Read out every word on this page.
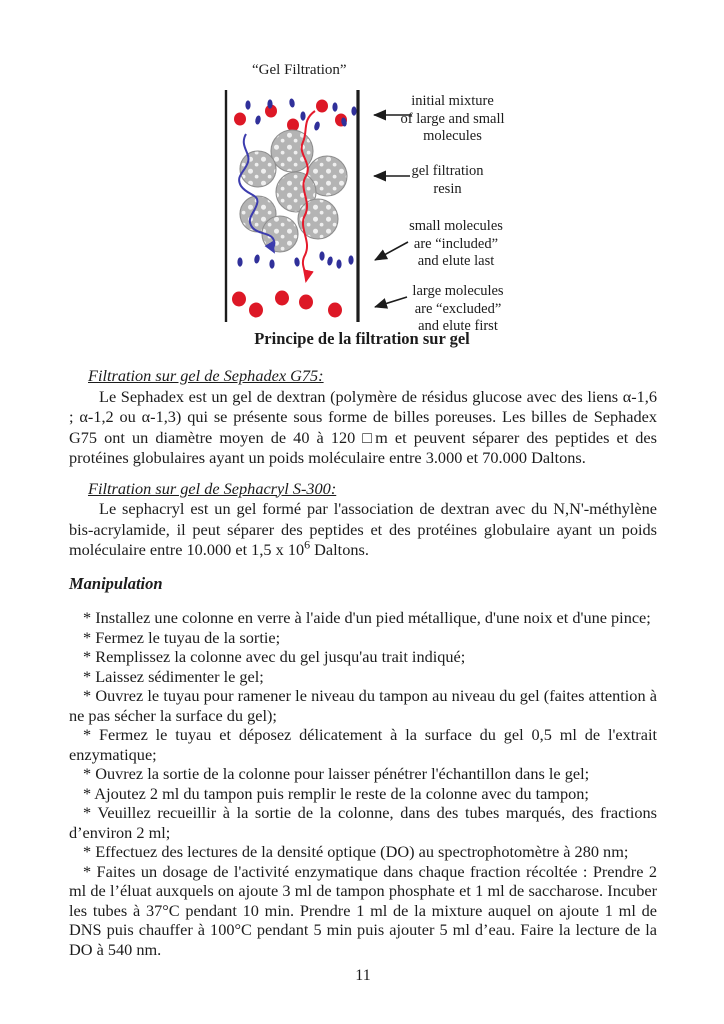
“Gel Filtration”
initial mixture
of large and small
molecules
gel filtration
resin
small molecules
are “included”
and elute last
large molecules
are “excluded”
and elute first
Principe de la filtration sur gel
Filtration sur gel de Sephadex G75:

Le Sephadex est un gel de dextran (polymère de résidus glucose avec des liens α-1,6 ; α-1,2 ou α-1,3) qui se présente sous forme de billes poreuses. Les billes de Sephadex G75 ont un diamètre moyen de 40 à 120 □m et peuvent séparer des peptides et des protéines globulaires ayant un poids moléculaire entre 3.000 et 70.000 Daltons.

Filtration sur gel de Sephacryl S-300:

Le sephacryl est un gel formé par l'association de dextran avec du N,N'-méthylène bis-acrylamide, il peut séparer des peptides et des protéines globulaire ayant un poids moléculaire entre 10.000 et 1,5 x $10^6$ Daltons.

Manipulation

* Installez une colonne en verre à l'aide d'un pied métallique, d'une noix et d'une pince;

* Fermez le tuyau de la sortie;

* Remplissez la colonne avec du gel jusqu'au trait indiqué;

* Laissez sédimenter le gel;

* Ouvrez le tuyau pour ramener le niveau du tampon au niveau du gel (faites attention à ne pas sécher la surface du gel);

* Fermez le tuyau et déposez délicatement à la surface du gel 0,5 ml de l'extrait enzymatique;

* Ouvrez la sortie de la colonne pour laisser pénétrer l'échantillon dans le gel;

* Ajoutez 2 ml du tampon puis remplir le reste de la colonne avec du tampon;

* Veuillez recueillir à la sortie de la colonne, dans des tubes marqués, des fractions d’environ 2 ml;

* Effectuez des lectures de la densité optique (DO) au spectrophotomètre à 280 nm;

* Faites un dosage de l'activité enzymatique dans chaque fraction récoltée : Prendre 2 ml de l’éluat auxquels on ajoute 3 ml de tampon phosphate et 1 ml de saccharose. Incuber les tubes à 37°C pendant 10 min. Prendre 1 ml de la mixture auquel on ajoute 1 ml de DNS puis chauffer à 100°C pendant 5 min puis ajouter 5 ml d’eau. Faire la lecture de la DO à 540 nm.

11
